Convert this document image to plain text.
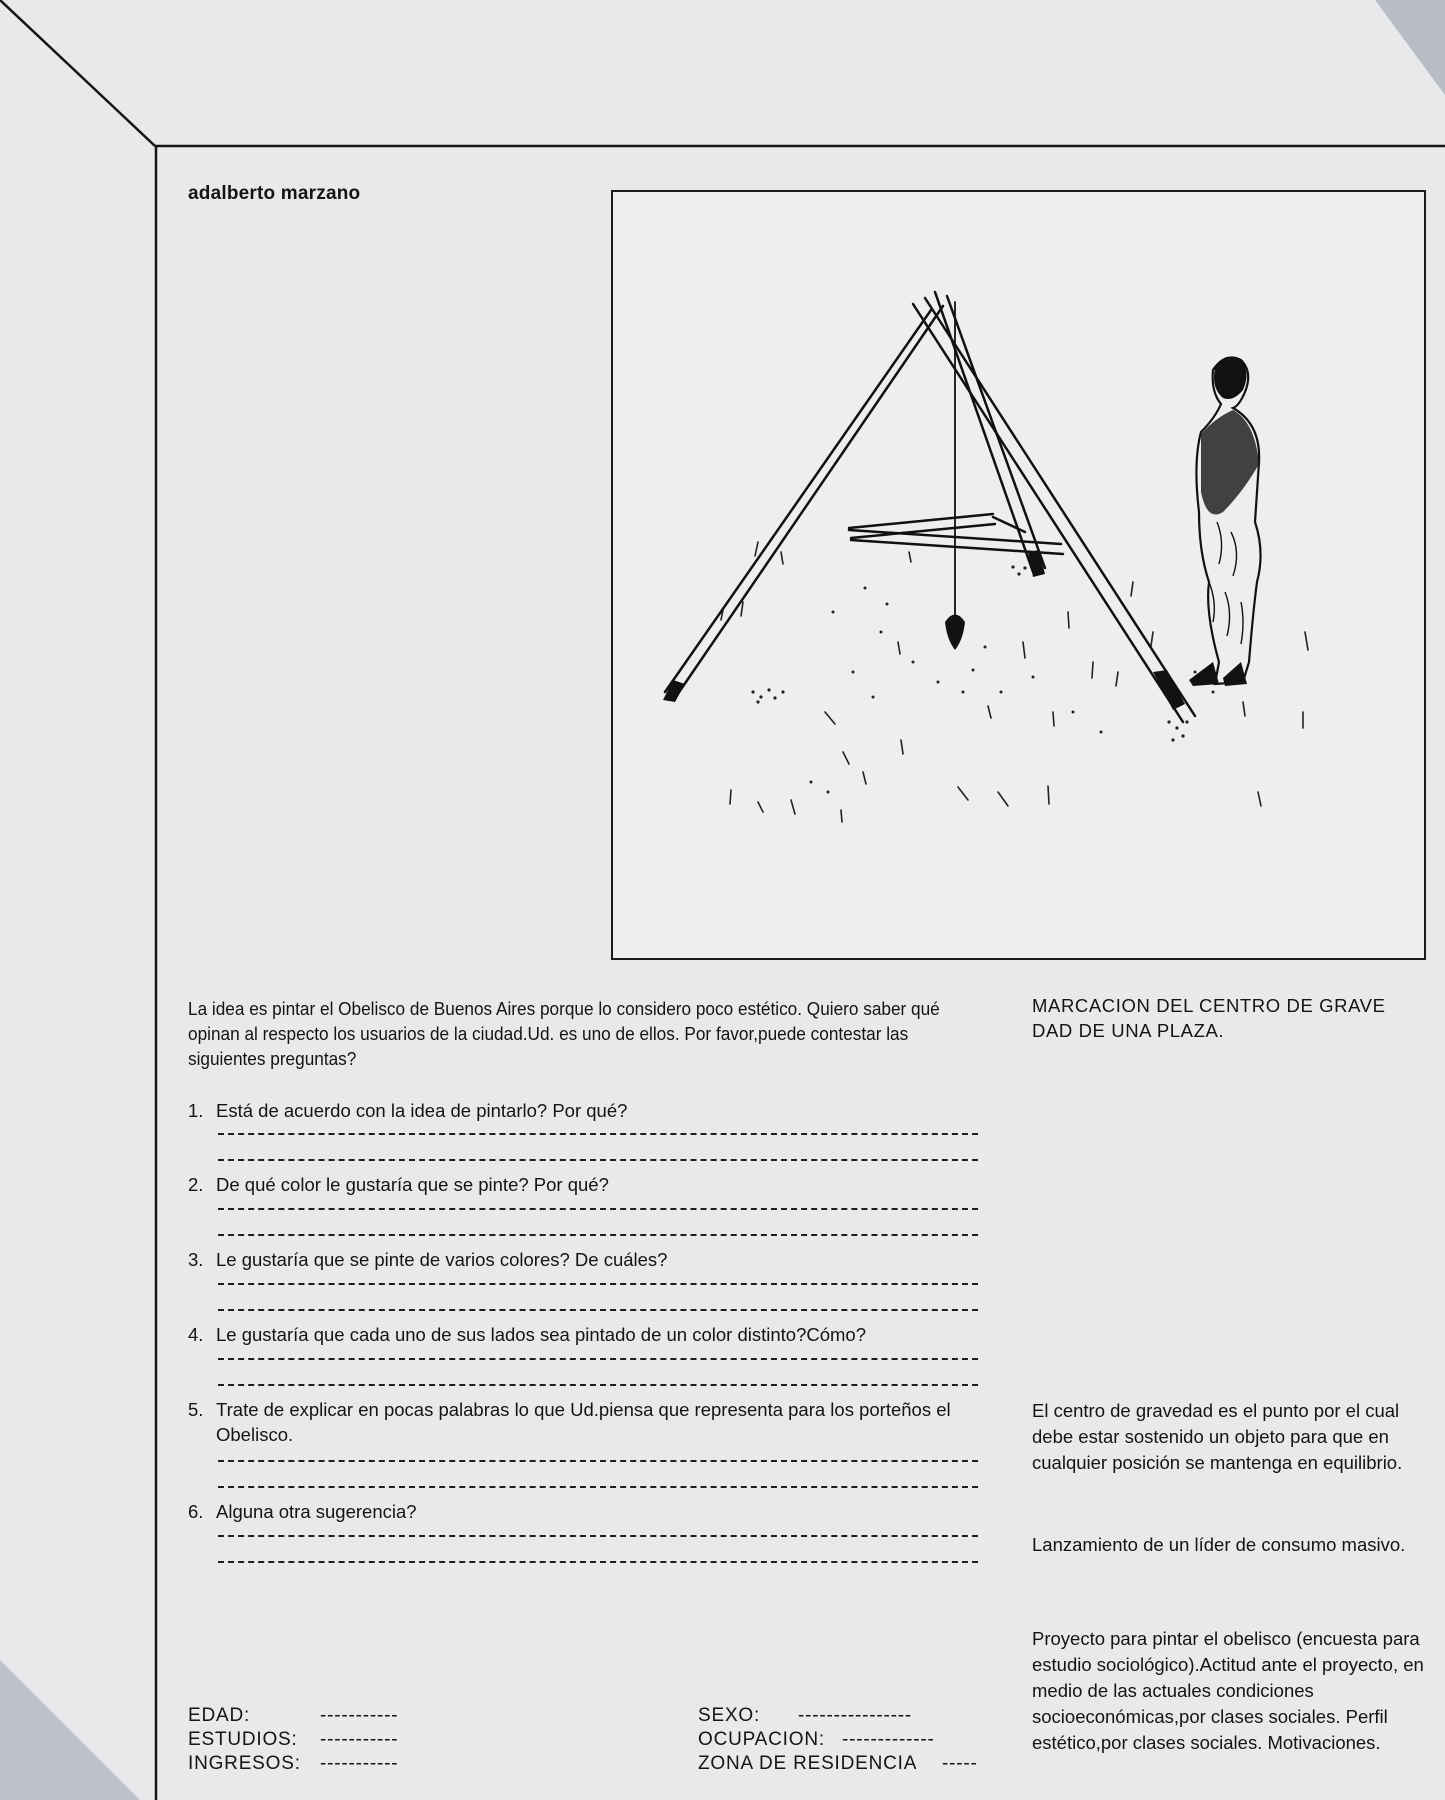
adalberto marzano
La idea es pintar el Obelisco de Buenos Aires porque lo considero poco estético. Quiero saber qué opinan al respecto los usuarios de la ciudad.Ud. es uno de ellos. Por favor,puede contestar las siguientes preguntas?
1. Está de acuerdo con la idea de pintarlo? Por qué?
2. De qué color le gustaría que se pinte? Por qué?
3. Le gustaría que se pinte de varios colores? De cuáles?
4. Le gustaría que cada uno de sus lados sea pintado de un color distinto?Cómo?
5. Trate de explicar en pocas palabras lo que Ud.piensa que representa para los porteños el Obelisco.
6. Alguna otra sugerencia?
MARCACION DEL CENTRO DE GRAVE DAD DE UNA PLAZA.
El centro de gravedad es el punto por el cual debe estar sostenido un objeto para que en cualquier posición se mantenga en equilibrio.
Lanzamiento de un líder de consumo masivo.
Proyecto para pintar el obelisco (encuesta para estudio sociológico).Actitud ante el proyecto, en medio de las actuales condiciones socioeconómicas,por clases sociales. Perfil estético,por clases sociales. Motivaciones.
EDAD:	-----------
ESTUDIOS: -----------
INGRESOS: -----------
SEXO: ----------------
OCUPACION: -------------
ZONA DE RESIDENCIA -----
